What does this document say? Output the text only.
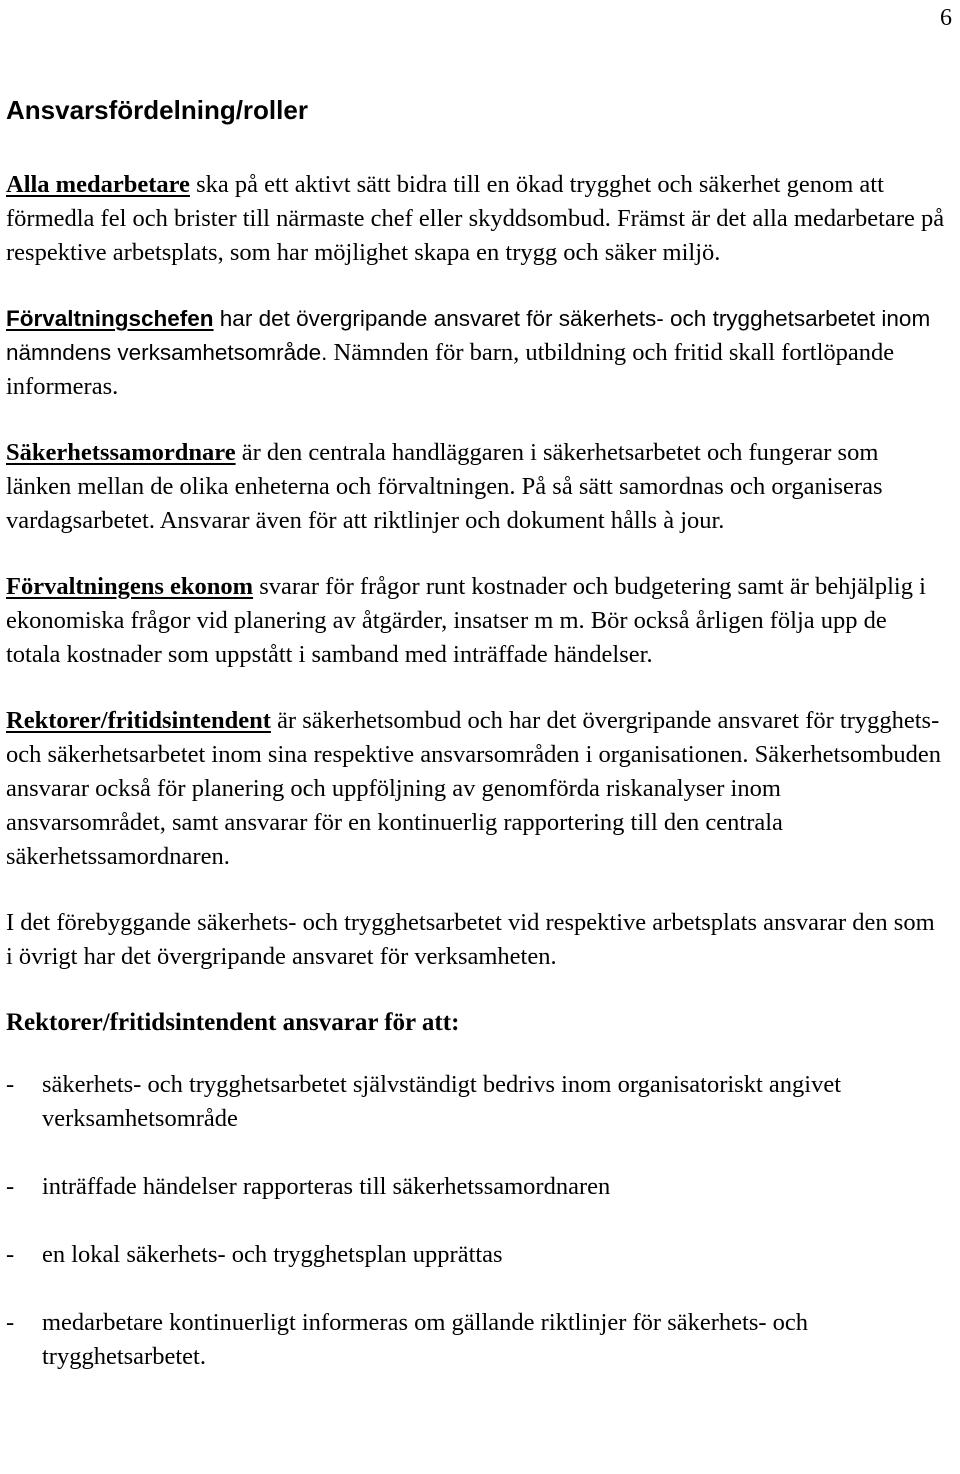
6
Ansvarsfördelning/roller

Alla medarbetare ska på ett aktivt sätt bidra till en ökad trygghet och säkerhet genom att förmedla fel och brister till närmaste chef eller skyddsombud. Främst är det alla medarbetare på respektive arbetsplats, som har möjlighet skapa en trygg och säker miljö.

Förvaltningschefen har det övergripande ansvaret för säkerhets- och trygghetsarbetet inom nämndens verksamhetsområde. Nämnden för barn, utbildning och fritid skall fortlöpande informeras.

Säkerhetssamordnare är den centrala handläggaren i säkerhetsarbetet och fungerar som länken mellan de olika enheterna och förvaltningen. På så sätt samordnas och organiseras vardagsarbetet. Ansvarar även för att riktlinjer och dokument hålls à jour.

Förvaltningens ekonom svarar för frågor runt kostnader och budgetering samt är behjälplig i ekonomiska frågor vid planering av åtgärder, insatser m m. Bör också årligen följa upp de totala kostnader som uppstått i samband med inträffade händelser.

Rektorer/fritidsintendent är säkerhetsombud och har det övergripande ansvaret för trygghets- och säkerhetsarbetet inom sina respektive ansvarsområden i organisationen. Säkerhetsombuden ansvarar också för planering och uppföljning av genomförda riskanalyser inom ansvarsområdet, samt ansvarar för en kontinuerlig rapportering till den centrala säkerhetssamordnaren.

I det förebyggande säkerhets- och trygghetsarbetet vid respektive arbetsplats ansvarar den som i övrigt har det övergripande ansvaret för verksamheten.

Rektorer/fritidsintendent ansvarar för att:
- säkerhets- och trygghetsarbetet självständigt bedrivs inom organisatoriskt angivet verksamhetsområde
- inträffade händelser rapporteras till säkerhetssamordnaren
- en lokal säkerhets- och trygghetsplan upprättas
- medarbetare kontinuerligt informeras om gällande riktlinjer för säkerhets- och trygghetsarbetet.
